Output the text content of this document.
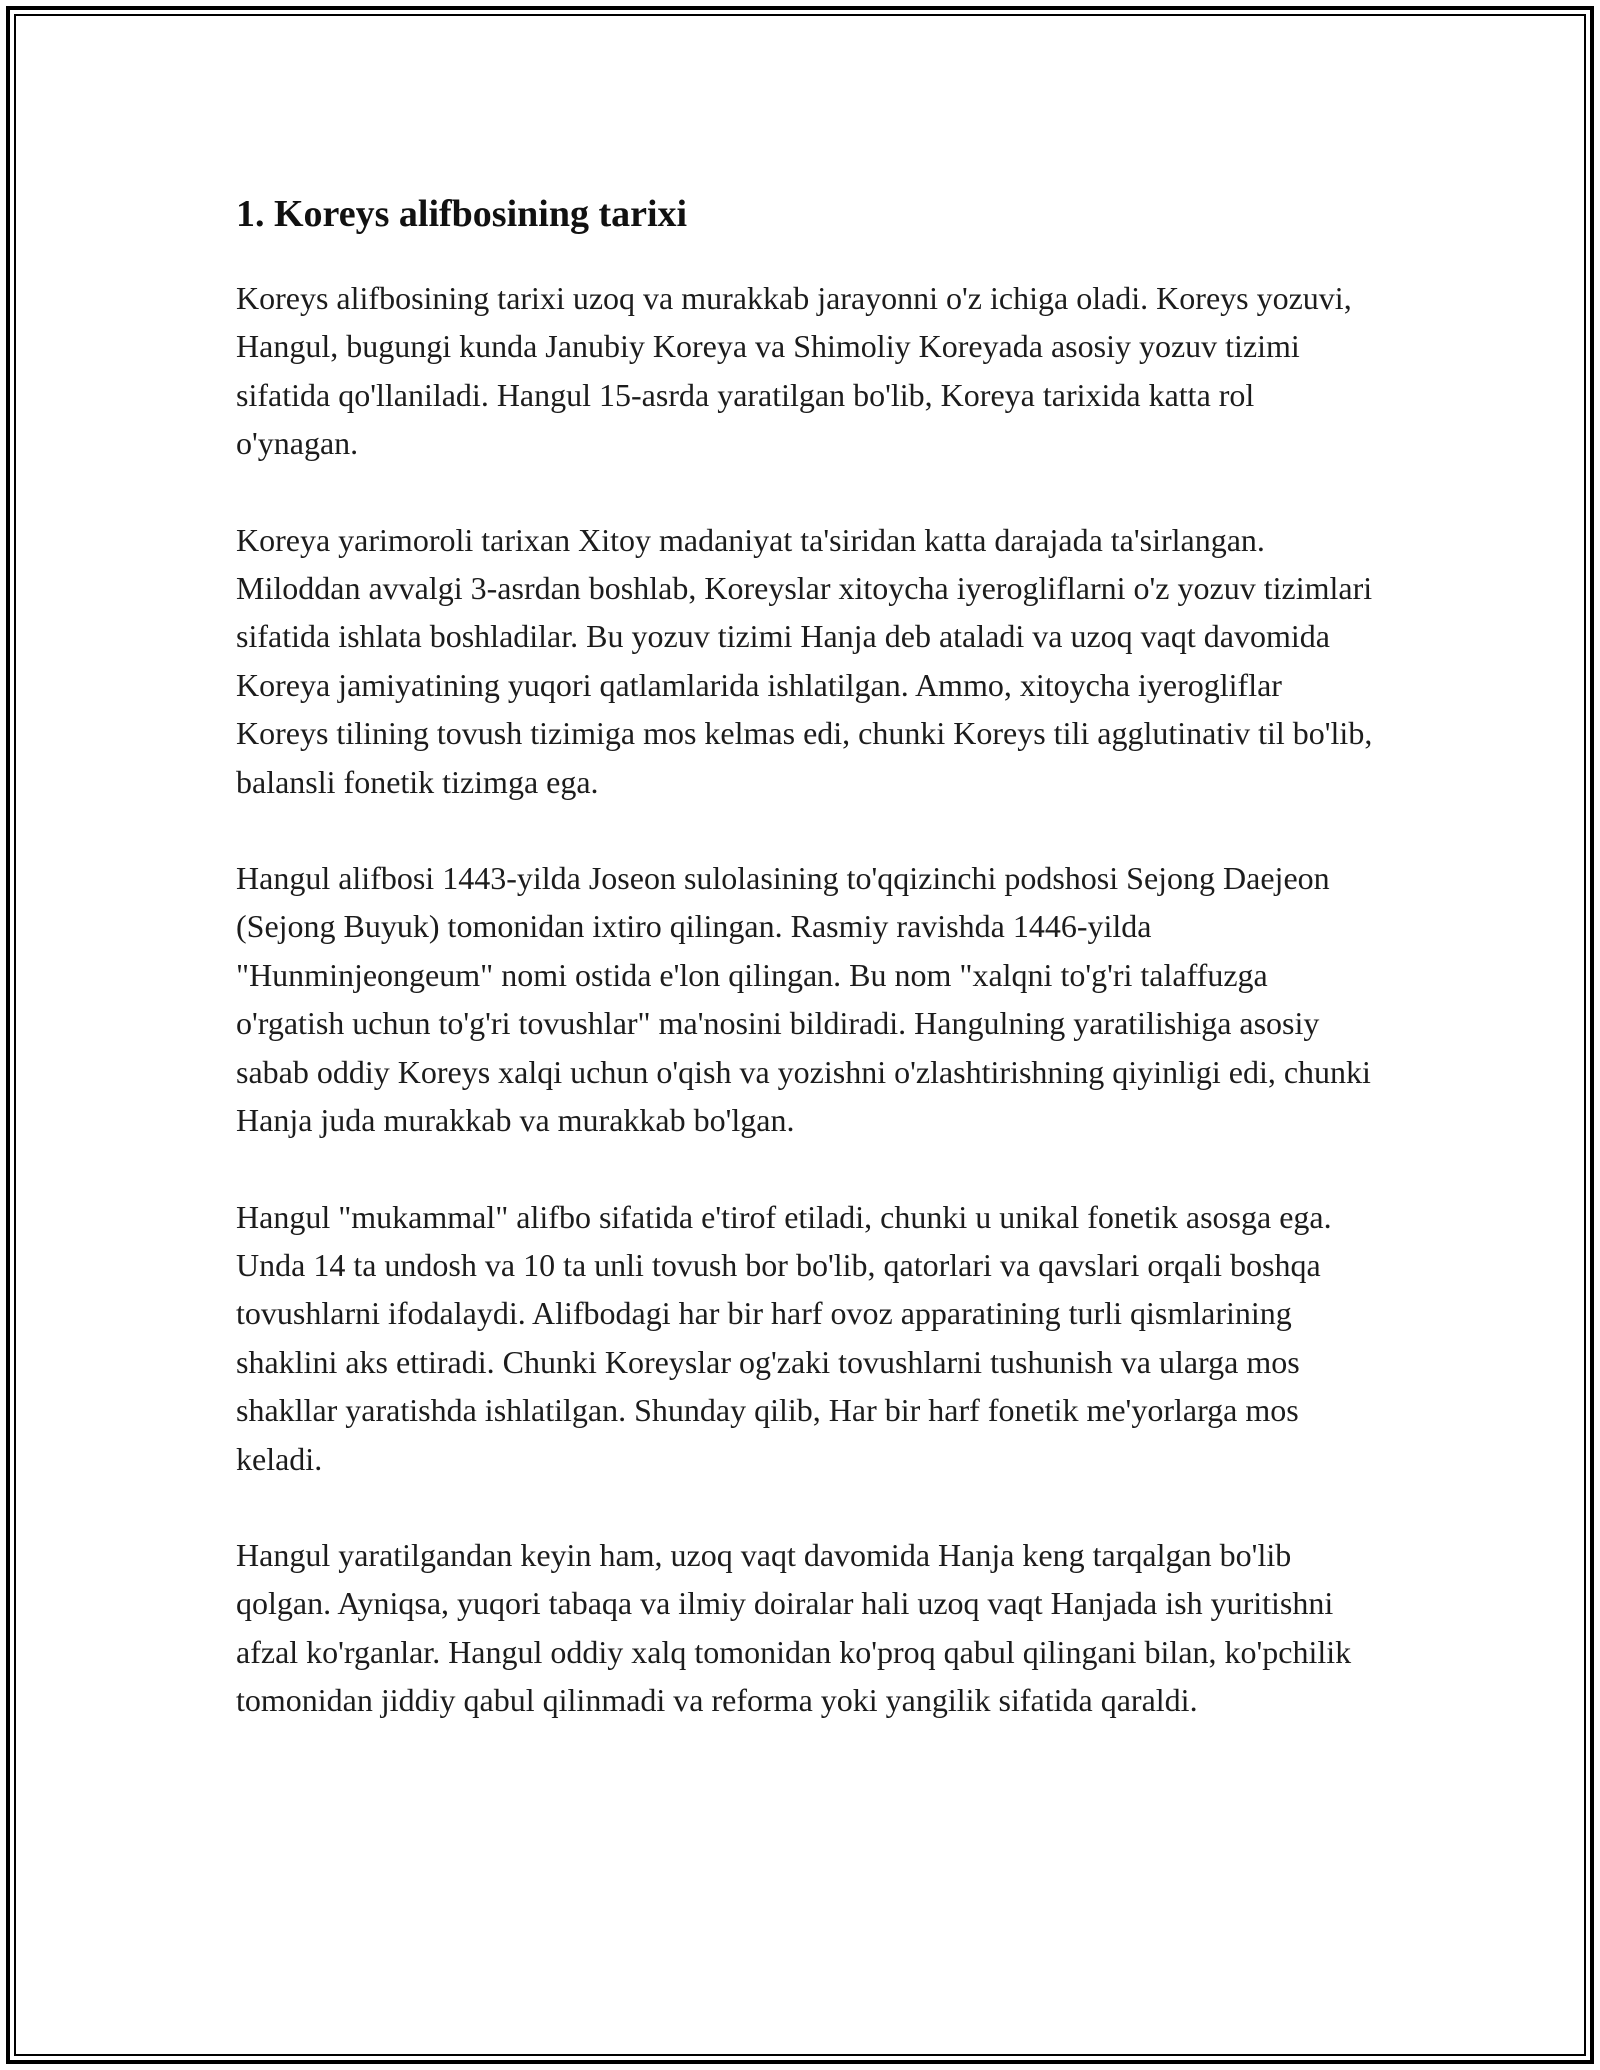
1. Koreys alifbosining tarixi

Koreys alifbosining tarixi uzoq va murakkab jarayonni o'z ichiga oladi. Koreys yozuvi, Hangul, bugungi kunda Janubiy Koreya va Shimoliy Koreyada asosiy yozuv tizimi sifatida qo'llaniladi. Hangul 15-asrda yaratilgan bo'lib, Koreya tarixida katta rol o'ynagan.

Koreya yarimoroli tarixan Xitoy madaniyat ta'siridan katta darajada ta'sirlangan. Miloddan avvalgi 3-asrdan boshlab, Koreyslar xitoycha iyerogliflarni o'z yozuv tizimlari sifatida ishlata boshladilar. Bu yozuv tizimi Hanja deb ataladi va uzoq vaqt davomida Koreya jamiyatining yuqori qatlamlarida ishlatilgan. Ammo, xitoycha iyerogliflar Koreys tilining tovush tizimiga mos kelmas edi, chunki Koreys tili agglutinativ til bo'lib, balansli fonetik tizimga ega.

Hangul alifbosi 1443-yilda Joseon sulolasining to'qqizinchi podshosi Sejong Daejeon (Sejong Buyuk) tomonidan ixtiro qilingan. Rasmiy ravishda 1446-yilda "Hunminjeongeum" nomi ostida e'lon qilingan. Bu nom "xalqni to'g'ri talaffuzga o'rgatish uchun to'g'ri tovushlar" ma'nosini bildiradi. Hangulning yaratilishiga asosiy sabab oddiy Koreys xalqi uchun o'qish va yozishni o'zlashtirishning qiyinligi edi, chunki Hanja juda murakkab va murakkab bo'lgan.

Hangul "mukammal" alifbo sifatida e'tirof etiladi, chunki u unikal fonetik asosga ega. Unda 14 ta undosh va 10 ta unli tovush bor bo'lib, qatorlari va qavslari orqali boshqa tovushlarni ifodalaydi. Alifbodagi har bir harf ovoz apparatining turli qismlarining shaklini aks ettiradi. Chunki Koreyslar og'zaki tovushlarni tushunish va ularga mos shakllar yaratishda ishlatilgan. Shunday qilib, Har bir harf fonetik me'yorlarga mos keladi.

Hangul yaratilgandan keyin ham, uzoq vaqt davomida Hanja keng tarqalgan bo'lib qolgan. Ayniqsa, yuqori tabaqa va ilmiy doiralar hali uzoq vaqt Hanjada ish yuritishni afzal ko'rganlar. Hangul oddiy xalq tomonidan ko'proq qabul qilingani bilan, ko'pchilik tomonidan jiddiy qabul qilinmadi va reforma yoki yangilik sifatida qaraldi.
